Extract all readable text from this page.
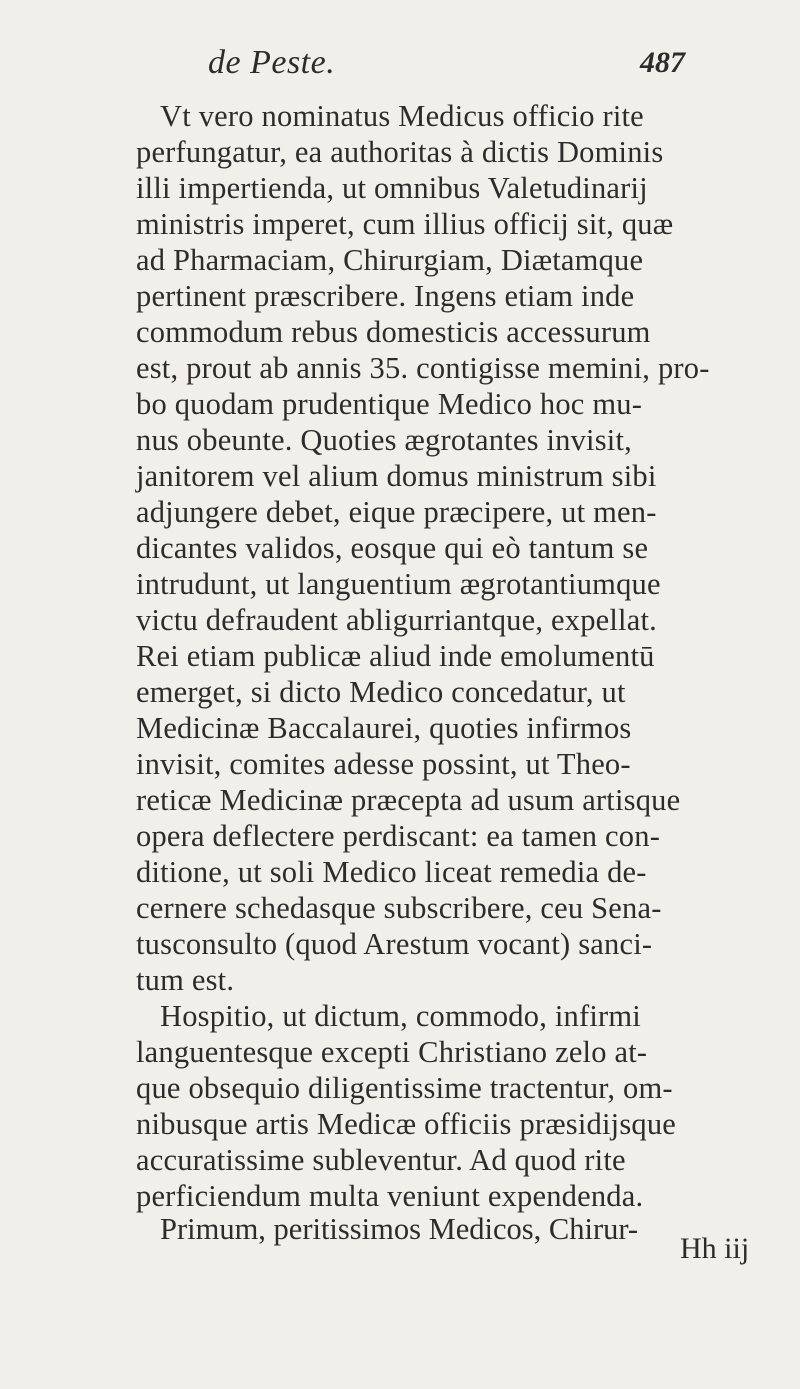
de Peste.	487
Vt vero nominatus Medicus officio rite
perfungatur, ea authoritas à dictis Dominis
illi impertienda, ut omnibus Valetudinarij
ministris imperet, cum illius officij sit, quæ
ad Pharmaciam, Chirurgiam, Diætamque
pertinent præscribere. Ingens etiam inde
commodum rebus domesticis accessurum
est, prout ab annis 35. contigisse memini, pro-
bo quodam prudentique Medico hoc mu-
nus obeunte. Quoties ægrotantes invisit,
janitorem vel alium domus ministrum sibi
adjungere debet, eique præcipere, ut men-
dicantes validos, eosque qui eò tantum se
intrudunt, ut languentium ægrotantiumque
victu defraudent abligurriantque, expellat.
Rei etiam publicæ aliud inde emolumentū
emerget, si dicto Medico concedatur, ut
Medicinæ Baccalaurei, quoties infirmos
invisit, comites adesse possint, ut Theo-
reticæ Medicinæ præcepta ad usum artisque
opera deflectere perdiscant: ea tamen con-
ditione, ut soli Medico liceat remedia de-
cernere schedasque subscribere, ceu Sena-
tusconsulto (quod Arestum vocant) sanci-
tum est.
Hospitio, ut dictum, commodo, infirmi
languentesque excepti Christiano zelo at-
que obsequio diligentissime tractentur, om-
nibusque artis Medicæ officiis præsidijsque
accuratissime subleventur. Ad quod rite
perficiendum multa veniunt expendenda.
Primum, peritissimos Medicos, Chirur-
Hh iij
